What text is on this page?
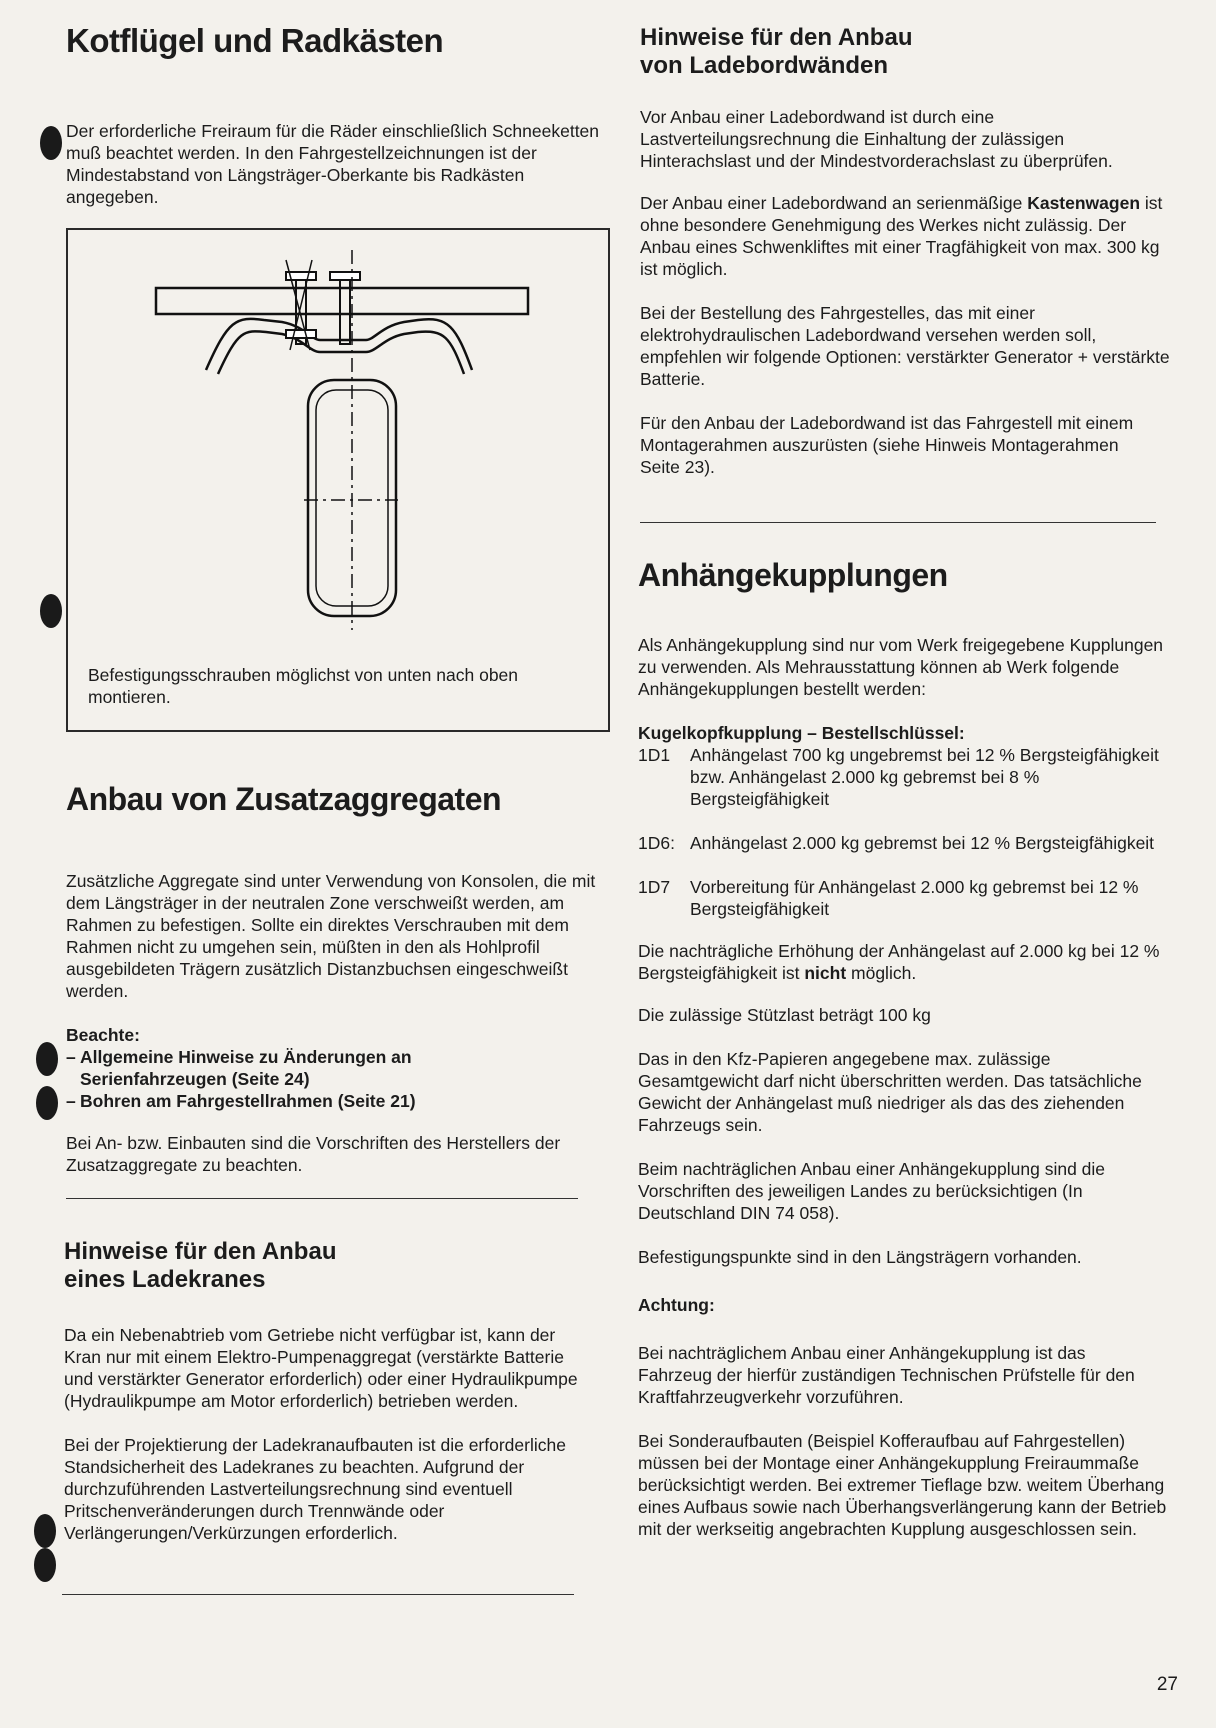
Kotflügel und Radkästen

Der erforderliche Freiraum für die Räder einschließlich Schneeketten muß beachtet werden. In den Fahrgestellzeichnungen ist der Mindestabstand von Längsträger-Oberkante bis Radkästen angegeben.

Befestigungsschrauben möglichst von unten nach oben montieren.

Anbau von Zusatzaggregaten

Zusätzliche Aggregate sind unter Verwendung von Konsolen, die mit dem Längsträger in der neutralen Zone verschweißt werden, am Rahmen zu befestigen. Sollte ein direktes Verschrauben mit dem Rahmen nicht zu umgehen sein, müßten in den als Hohlprofil ausgebildeten Trägern zusätzlich Distanzbuchsen eingeschweißt werden.

Beachte:

– Allgemeine Hinweise zu Änderungen an Serienfahrzeugen (Seite 24)
– Bohren am Fahrgestellrahmen (Seite 21)

Bei An- bzw. Einbauten sind die Vorschriften des Herstellers der Zusatzaggregate zu beachten.

Hinweise für den Anbau

eines Ladekranes

Da ein Nebenabtrieb vom Getriebe nicht verfügbar ist, kann der Kran nur mit einem Elektro-Pumpenaggregat (verstärkte Batterie und verstärkter Generator erforderlich) oder einer Hydraulikpumpe (Hydraulikpumpe am Motor erforderlich) betrieben werden.

Bei der Projektierung der Ladekranaufbauten ist die erforderliche Standsicherheit des Ladekranes zu beachten. Aufgrund der durchzuführenden Lastverteilungsrechnung sind eventuell Pritschenveränderungen durch Trennwände oder Verlängerungen/Verkürzungen erforderlich.

Hinweise für den Anbau

von Ladebordwänden

Vor Anbau einer Ladebordwand ist durch eine Lastverteilungsrechnung die Einhaltung der zulässigen Hinterachslast und der Mindestvorderachslast zu überprüfen.

Der Anbau einer Ladebordwand an serienmäßige Kastenwagen ist ohne besondere Genehmigung des Werkes nicht zulässig. Der Anbau eines Schwenkliftes mit einer Tragfähigkeit von max. 300 kg ist möglich.

Bei der Bestellung des Fahrgestelles, das mit einer elektrohydraulischen Ladebordwand versehen werden soll, empfehlen wir folgende Optionen: verstärkter Generator + verstärkte Batterie.

Für den Anbau der Ladebordwand ist das Fahrgestell mit einem Montagerahmen auszurüsten (siehe Hinweis Montagerahmen Seite 23).

Anhängekupplungen

Als Anhängekupplung sind nur vom Werk freigegebene Kupplungen zu verwenden. Als Mehrausstattung können ab Werk folgende Anhängekupplungen bestellt werden:

Kugelkopfkupplung – Bestellschlüssel:

1D1	Anhängelast 700 kg ungebremst bei 12 % Bergsteigfähigkeit bzw. Anhängelast 2.000 kg gebremst bei 8 % Bergsteigfähigkeit
1D6: Anhängelast 2.000 kg gebremst bei 12 % Bergsteigfähigkeit
1D7	Vorbereitung für Anhängelast 2.000 kg gebremst bei 12 % Bergsteigfähigkeit

Die nachträgliche Erhöhung der Anhängelast auf 2.000 kg bei 12 % Bergsteigfähigkeit ist nicht möglich.

Die zulässige Stützlast beträgt 100 kg

Das in den Kfz-Papieren angegebene max. zulässige Gesamtgewicht darf nicht überschritten werden. Das tatsächliche Gewicht der Anhängelast muß niedriger als das des ziehenden Fahrzeugs sein.

Beim nachträglichen Anbau einer Anhängekupplung sind die Vorschriften des jeweiligen Landes zu berücksichtigen (In Deutschland DIN 74 058).

Befestigungspunkte sind in den Längsträgern vorhanden.

Achtung:

Bei nachträglichem Anbau einer Anhängekupplung ist das Fahrzeug der hierfür zuständigen Technischen Prüfstelle für den Kraftfahrzeugverkehr vorzuführen.

Bei Sonderaufbauten (Beispiel Kofferaufbau auf Fahrgestellen) müssen bei der Montage einer Anhängekupplung Freiraummaße berücksichtigt werden. Bei extremer Tieflage bzw. weitem Überhang eines Aufbaus sowie nach Überhangsverlängerung kann der Betrieb mit der werkseitig angebrachten Kupplung ausgeschlossen sein.

27
